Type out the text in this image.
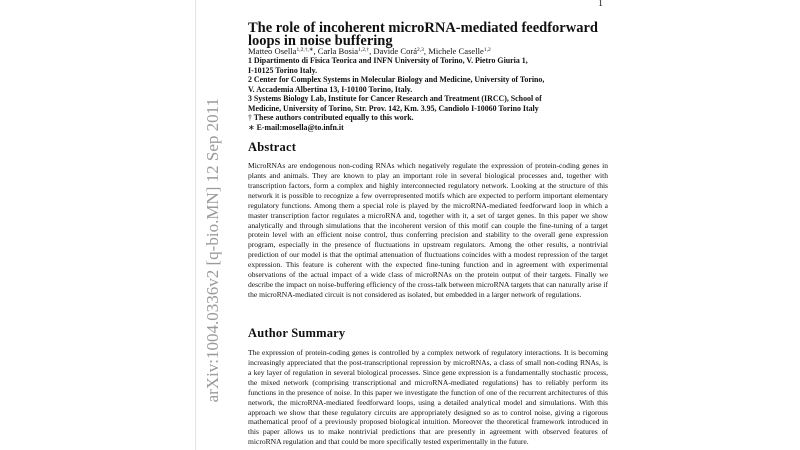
arXiv:1004.0336v2 [q-bio.MN] 12 Sep 2011
1
The role of incoherent microRNA-mediated feedforward loops in noise buffering
Matteo Osella$^{1,2,\dagger,∗}$, Carla Bosia$^{1,2,\dagger}$, Davide Corá$^{2,3}$, Michele Caselle$^{1,2}$
1 Dipartimento di Fisica Teorica and INFN University of Torino, V. Pietro Giuria 1,
I-10125 Torino Italy.
2 Center for Complex Systems in Molecular Biology and Medicine, University of Torino,
V. Accademia Albertina 13, I-10100 Torino, Italy.
3 Systems Biology Lab, Institute for Cancer Research and Treatment (IRCC), School of
Medicine, University of Torino, Str. Prov. 142, Km. 3.95, Candiolo I-10060 Torino Italy
† These authors contributed equally to this work.
∗ E-mail:mosella@to.infn.it
Abstract

MicroRNAs are endogenous non-coding RNAs which negatively regulate the expression of protein-coding genes in plants and animals. They are known to play an important role in several biological processes and, together with transcription factors, form a complex and highly interconnected regulatory network. Looking at the structure of this network it is possible to recognize a few overrepresented motifs which are expected to perform important elementary regulatory functions. Among them a special role is played by the microRNA-mediated feedforward loop in which a master transcription factor regulates a microRNA and, together with it, a set of target genes. In this paper we show analytically and through simulations that the incoherent version of this motif can couple the fine-tuning of a target protein level with an efficient noise control, thus conferring precision and stability to the overall gene expression program, especially in the presence of fluctuations in upstream regulators. Among the other results, a nontrivial prediction of our model is that the optimal attenuation of fluctuations coincides with a modest repression of the target expression. This feature is coherent with the expected fine-tuning function and in agreement with experimental observations of the actual impact of a wide class of microRNAs on the protein output of their targets. Finally we describe the impact on noise-buffering efficiency of the cross-talk between microRNA targets that can naturally arise if the microRNA-mediated circuit is not considered as isolated, but embedded in a larger network of regulations.

Author Summary

The expression of protein-coding genes is controlled by a complex network of regulatory interactions. It is becoming increasingly appreciated that the post-transcriptional repression by microRNAs, a class of small non-coding RNAs, is a key layer of regulation in several biological processes. Since gene expression is a fundamentally stochastic process, the mixed network (comprising transcriptional and microRNA-mediated regulations) has to reliably perform its functions in the presence of noise. In this paper we investigate the function of one of the recurrent architectures of this network, the microRNA-mediated feedforward loops, using a detailed analytical model and simulations. With this approach we show that these regulatory circuits are appropriately designed so as to control noise, giving a rigorous mathematical proof of a previously proposed biological intuition. Moreover the theoretical framework introduced in this paper allows us to make nontrivial predictions that are presently in agreement with observed features of microRNA regulation and that could be more specifically tested experimentally in the future.
